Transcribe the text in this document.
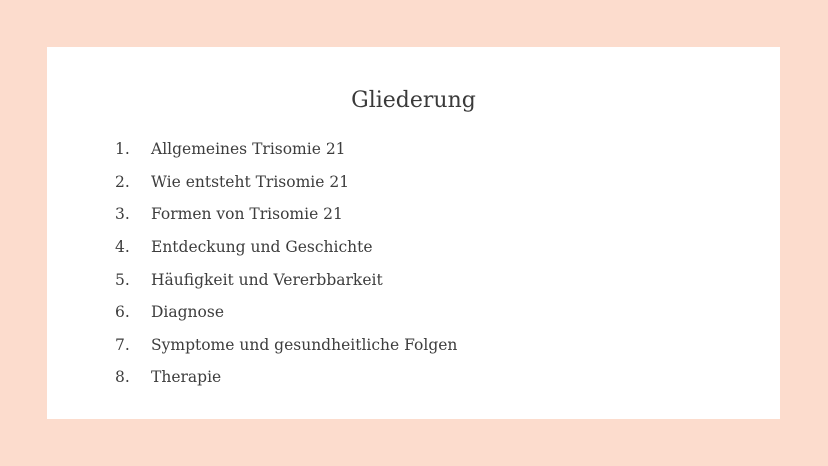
Gliederung
1.	Allgemeines Trisomie 21
2.	Wie entsteht Trisomie 21
3.	Formen von Trisomie 21
4.	Entdeckung und Geschichte
5.	Häufigkeit und Vererbbarkeit
6.	Diagnose
7.	Symptome und gesundheitliche Folgen
8.	Therapie
